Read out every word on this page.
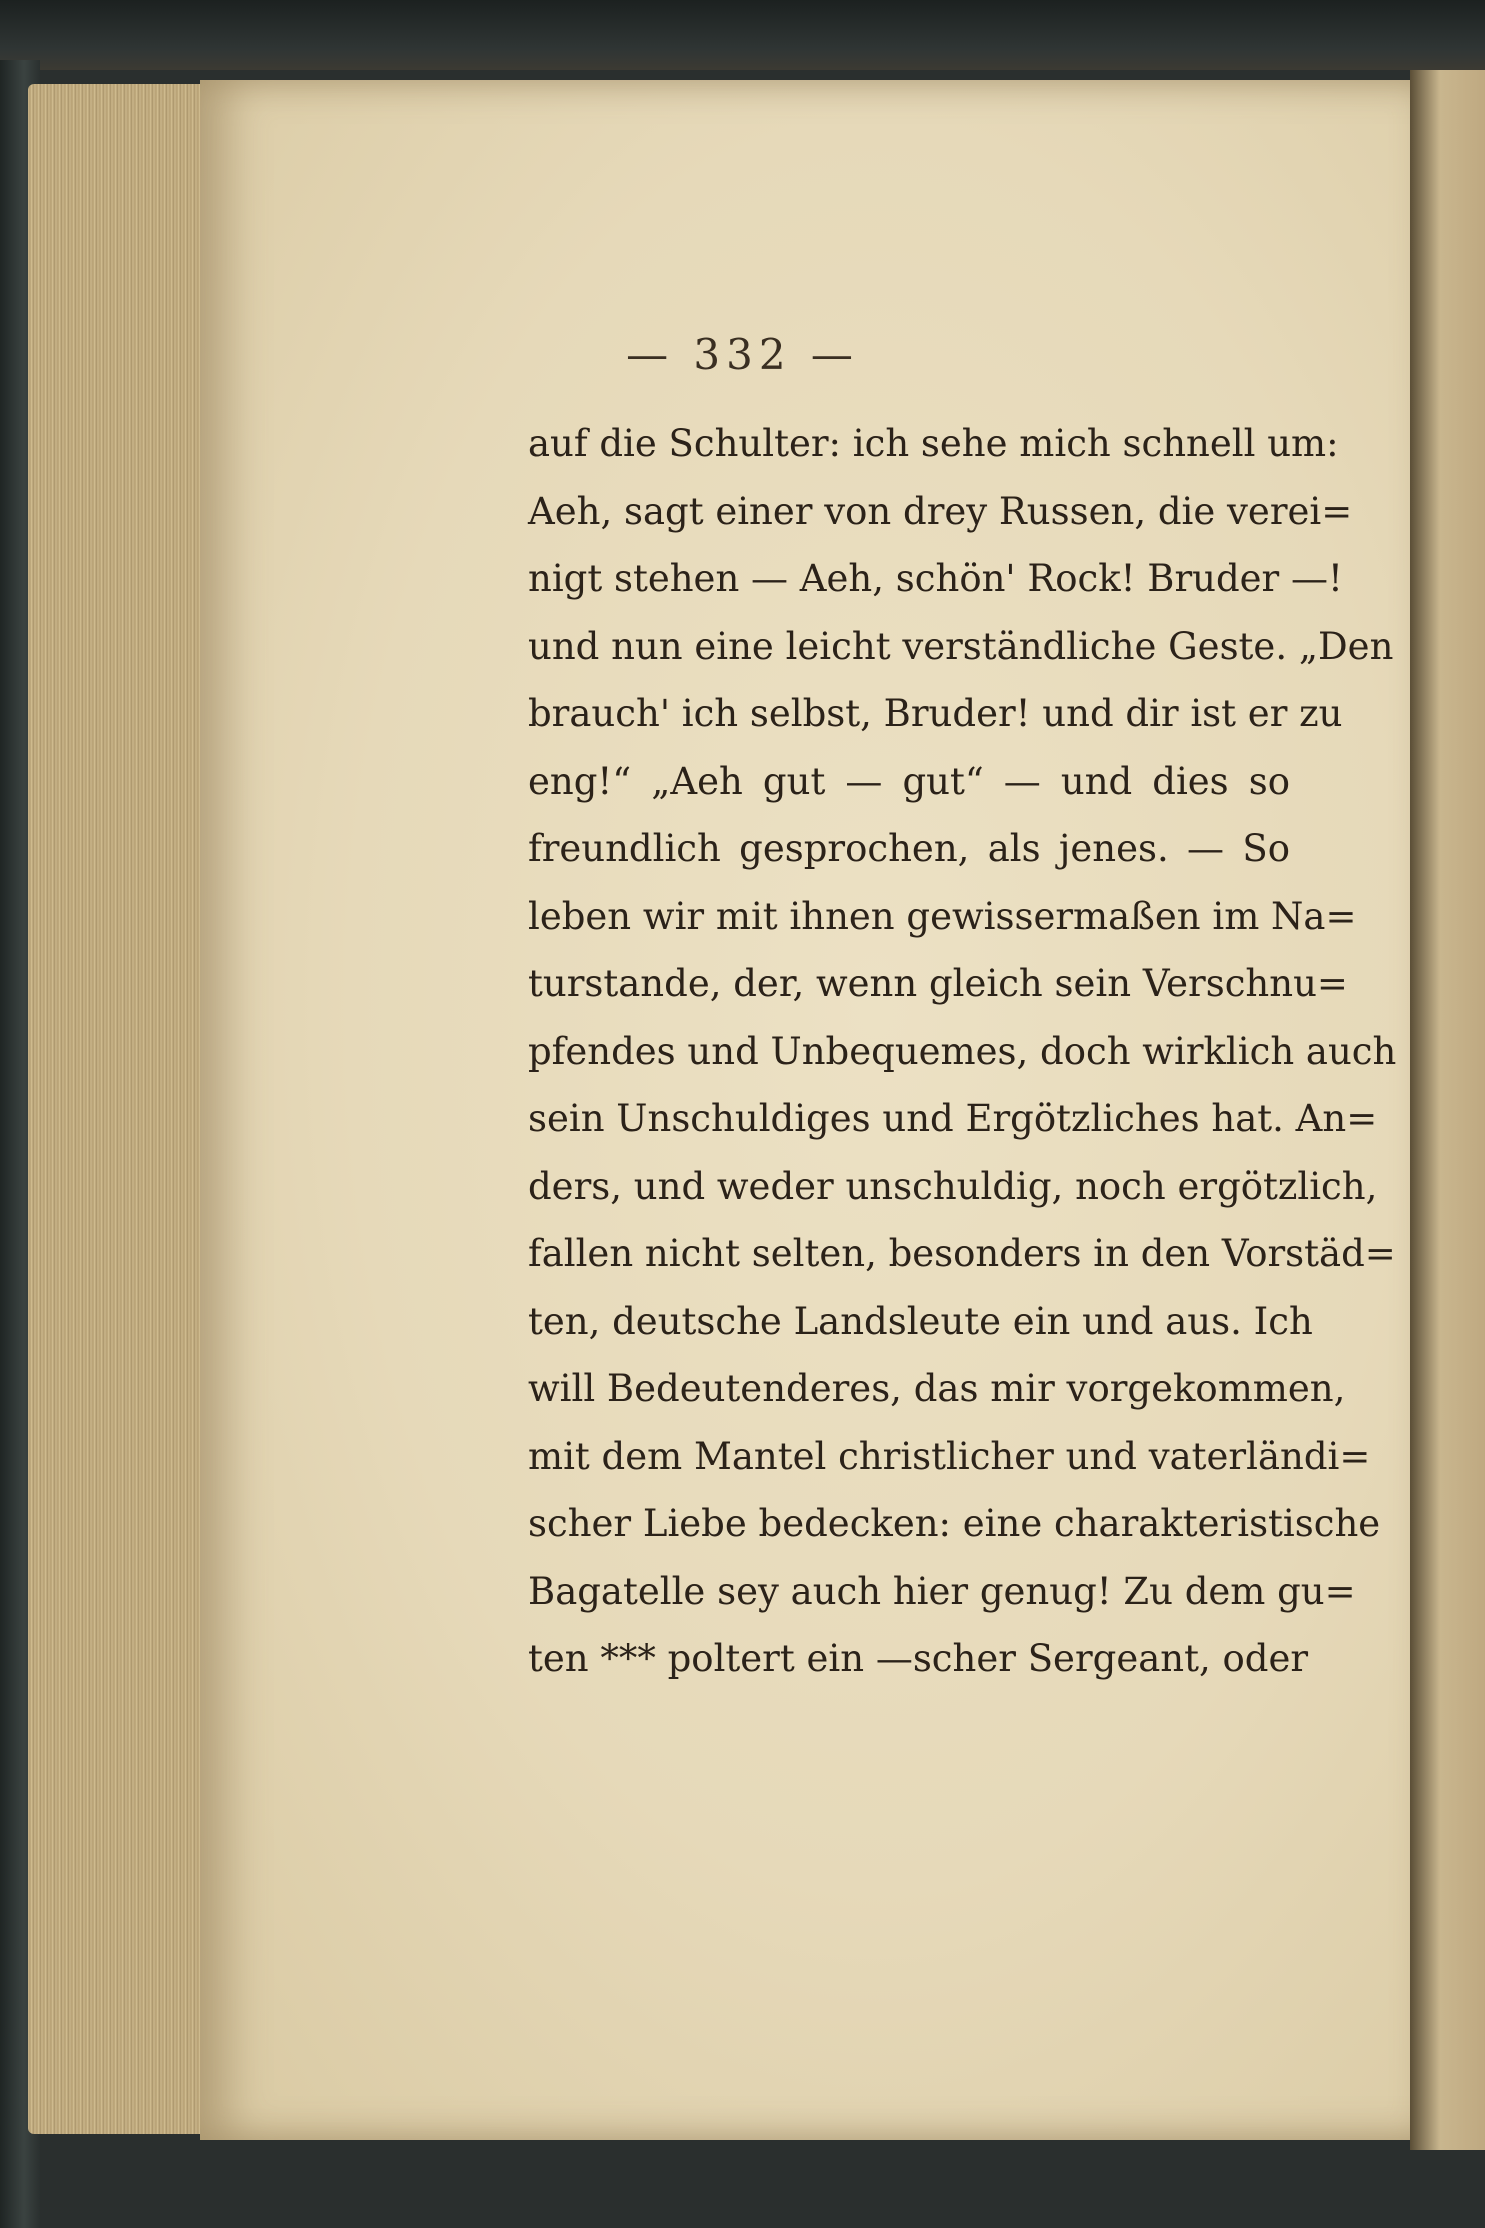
— 332 —
auf die Schulter: ich sehe mich schnell um:
Aeh, sagt einer von drey Russen, die verei=
nigt stehen — Aeh, schön' Rock! Bruder —!
und nun eine leicht verständliche Geste. „Den
brauch' ich selbst, Bruder! und dir ist er zu
eng!“ „Aeh gut — gut“ — und dies so
freundlich gesprochen, als jenes. — So
leben wir mit ihnen gewissermaßen im Na=
turstande, der, wenn gleich sein Verschnu=
pfendes und Unbequemes, doch wirklich auch
sein Unschuldiges und Ergötzliches hat. An=
ders, und weder unschuldig, noch ergötzlich,
fallen nicht selten, besonders in den Vorstäd=
ten, deutsche Landsleute ein und aus. Ich
will Bedeutenderes, das mir vorgekommen,
mit dem Mantel christlicher und vaterländi=
scher Liebe bedecken: eine charakteristische
Bagatelle sey auch hier genug! Zu dem gu=
ten *** poltert ein —scher Sergeant, oder
